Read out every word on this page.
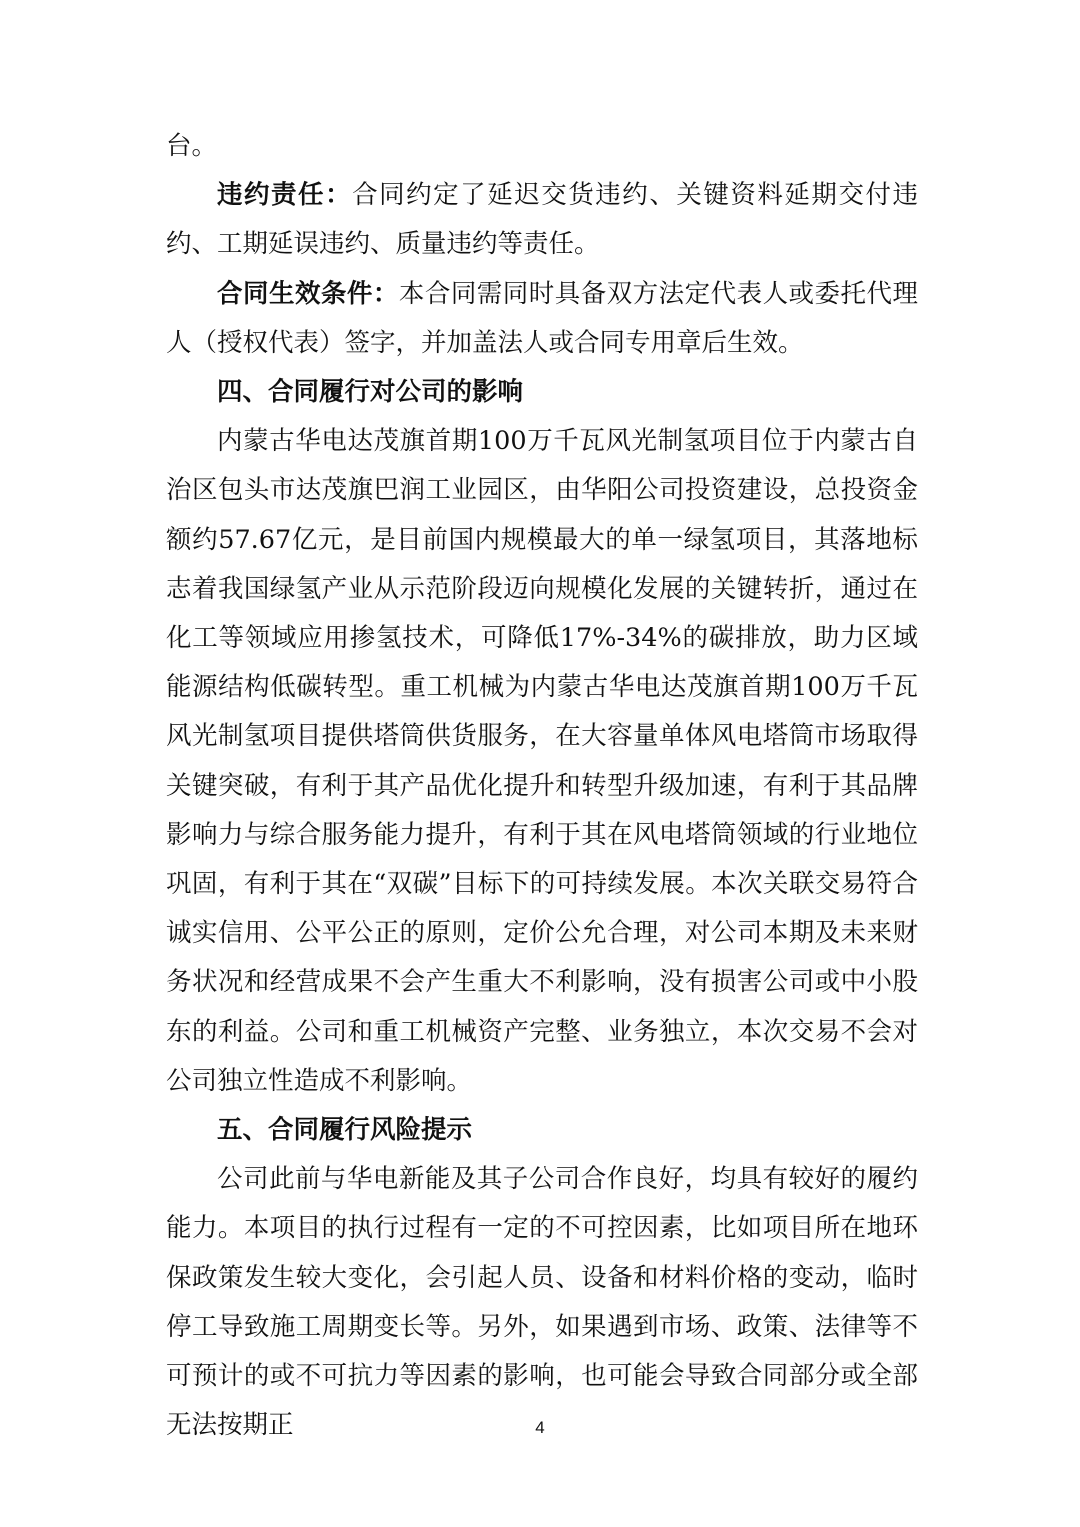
台。

违约责任：合同约定了延迟交货违约、关键资料延期交付违约、工期延误违约、质量违约等责任。

合同生效条件：本合同需同时具备双方法定代表人或委托代理人（授权代表）签字，并加盖法人或合同专用章后生效。

四、合同履行对公司的影响

内蒙古华电达茂旗首期100万千瓦风光制氢项目位于内蒙古自治区包头市达茂旗巴润工业园区，由华阳公司投资建设，总投资金额约57.67亿元，是目前国内规模最大的单一绿氢项目，其落地标志着我国绿氢产业从示范阶段迈向规模化发展的关键转折，通过在化工等领域应用掺氢技术，可降低17%-34%的碳排放，助力区域能源结构低碳转型。重工机械为内蒙古华电达茂旗首期100万千瓦风光制氢项目提供塔筒供货服务，在大容量单体风电塔筒市场取得关键突破，有利于其产品优化提升和转型升级加速，有利于其品牌影响力与综合服务能力提升，有利于其在风电塔筒领域的行业地位巩固，有利于其在“双碳”目标下的可持续发展。本次关联交易符合诚实信用、公平公正的原则，定价公允合理，对公司本期及未来财务状况和经营成果不会产生重大不利影响，没有损害公司或中小股东的利益。公司和重工机械资产完整、业务独立，本次交易不会对公司独立性造成不利影响。

五、合同履行风险提示

公司此前与华电新能及其子公司合作良好，均具有较好的履约能力。本项目的执行过程有一定的不可控因素，比如项目所在地环保政策发生较大变化，会引起人员、设备和材料价格的变动，临时停工导致施工周期变长等。另外，如果遇到市场、政策、法律等不可预计的或不可抗力等因素的影响，也可能会导致合同部分或全部无法按期正	4
